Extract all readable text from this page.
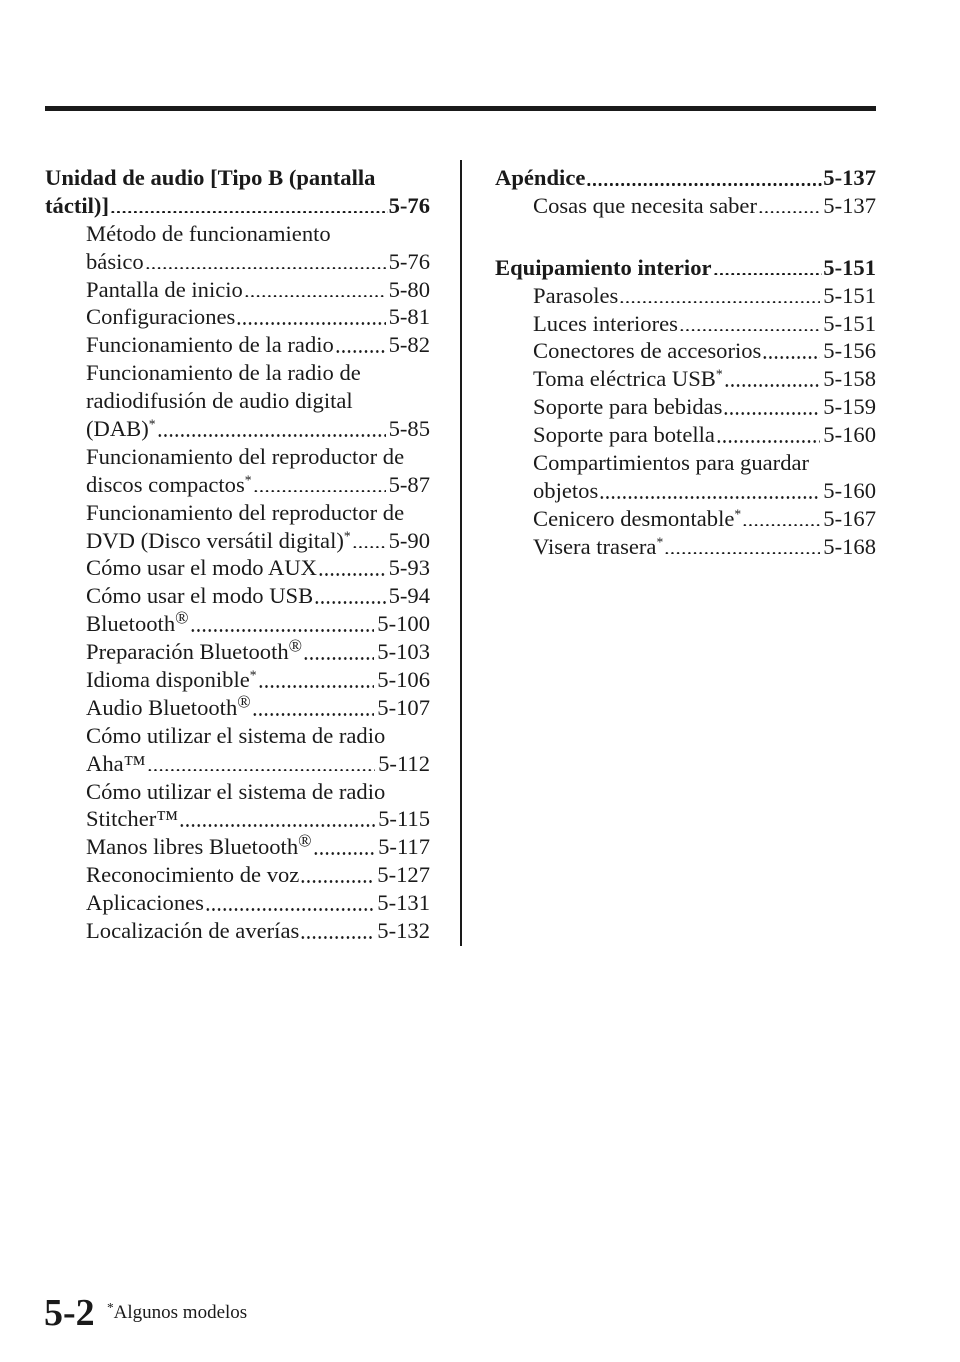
Unidad de audio [Tipo B (pantalla
táctil)]	5-76
Método de funcionamiento
básico	5-76
Pantalla de inicio	5-80
Configuraciones	5-81
Funcionamiento de la radio 5-82
Funcionamiento de la radio de
radiodifusión de audio digital
(DAB)*	5-85
Funcionamiento del reproductor de
discos compactos*	5-87
Funcionamiento del reproductor de
DVD (Disco versátil digital)* 5-90
Cómo usar el modo AUX	5-93
Cómo usar el modo USB	5-94
Bluetooth®	5-100
Preparación Bluetooth®	5-103
Idioma disponible*	5-106
Audio Bluetooth®	5-107
Cómo utilizar el sistema de radio
Aha™	5-112
Cómo utilizar el sistema de radio
Stitcher™	5-115
Manos libres Bluetooth®	5-117
Reconocimiento de voz	5-127
Aplicaciones	5-131
Localización de averías	5-132
Apéndice	5-137
Cosas que necesita saber	5-137
Equipamiento interior	5-151
Parasoles	5-151
Luces interiores	5-151
Conectores de accesorios	5-156
Toma eléctrica USB*	5-158
Soporte para bebidas	5-159
Soporte para botella	5-160
Compartimientos para guardar
objetos	5-160
Cenicero desmontable*	5-167
Visera trasera*	5-168
5-2 *Algunos modelos
